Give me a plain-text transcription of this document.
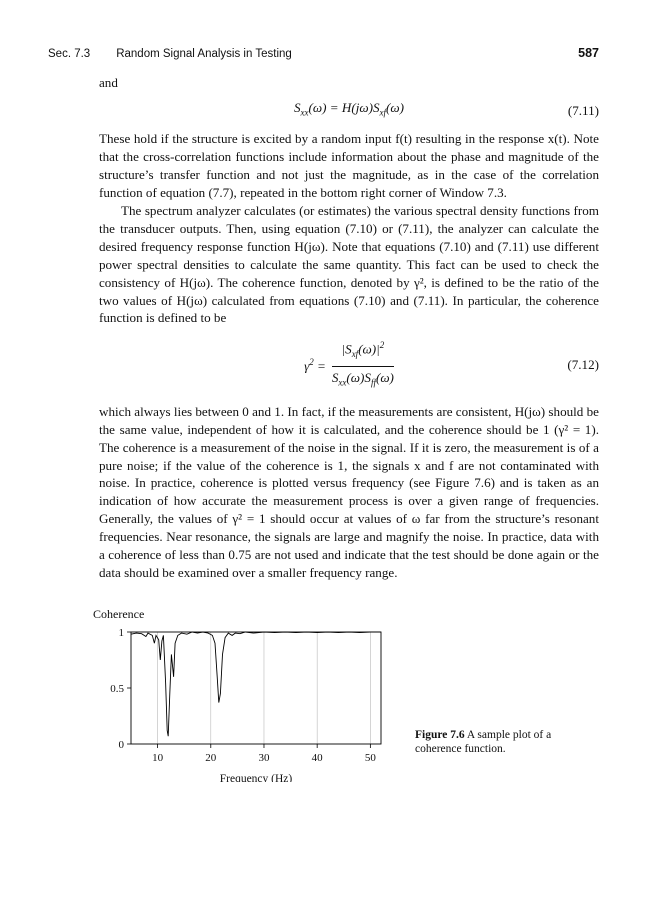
Sec. 7.3 Random Signal Analysis in Testing	587

and

$S_{xx}(\omega) = H(j\omega)S_{xf}(\omega)$	(7.11)

These hold if the structure is excited by a random input f(t) resulting in the response x(t). Note that the cross-correlation functions include information about the phase and magnitude of the structure’s transfer function and not just the magnitude, as in the case of the correlation function of equation (7.7), repeated in the bottom right corner of Window 7.3.

The spectrum analyzer calculates (or estimates) the various spectral density functions from the transducer outputs. Then, using equation (7.10) or (7.11), the analyzer can calculate the desired frequency response function H(jω). Note that equations (7.10) and (7.11) use different power spectral densities to calculate the same quantity. This fact can be used to check the consistency of H(jω). The coherence function, denoted by γ², is defined to be the ratio of the two values of H(jω) calculated from equations (7.10) and (7.11). In particular, the coherence function is defined to be

$\gamma^2 = \frac{|S_{xf}(\omega)|^2}{S_{xx}(\omega)S_{ff}(\omega)}$	(7.12)

which always lies between 0 and 1. In fact, if the measurements are consistent, H(jω) should be the same value, independent of how it is calculated, and the coherence should be 1 (γ² = 1). The coherence is a measurement of the noise in the signal. If it is zero, the measurement is of a pure noise; if the value of the coherence is 1, the signals x and f are not contaminated with noise. In practice, coherence is plotted versus frequency (see Figure 7.6) and is taken as an indication of how accurate the measurement process is over a given range of frequencies. Generally, the values of γ² = 1 should occur at values of ω far from the structure’s resonant frequencies. Near resonance, the signals are large and magnify the noise. In practice, data with a coherence of less than 0.75 are not used and indicate that the test should be done again or the data should be examined over a smaller frequency range.

Coherence
10	20	30	40	50
0
0.5
1
Frequency (Hz)
Figure 7.6 A sample plot of a coherence function.
